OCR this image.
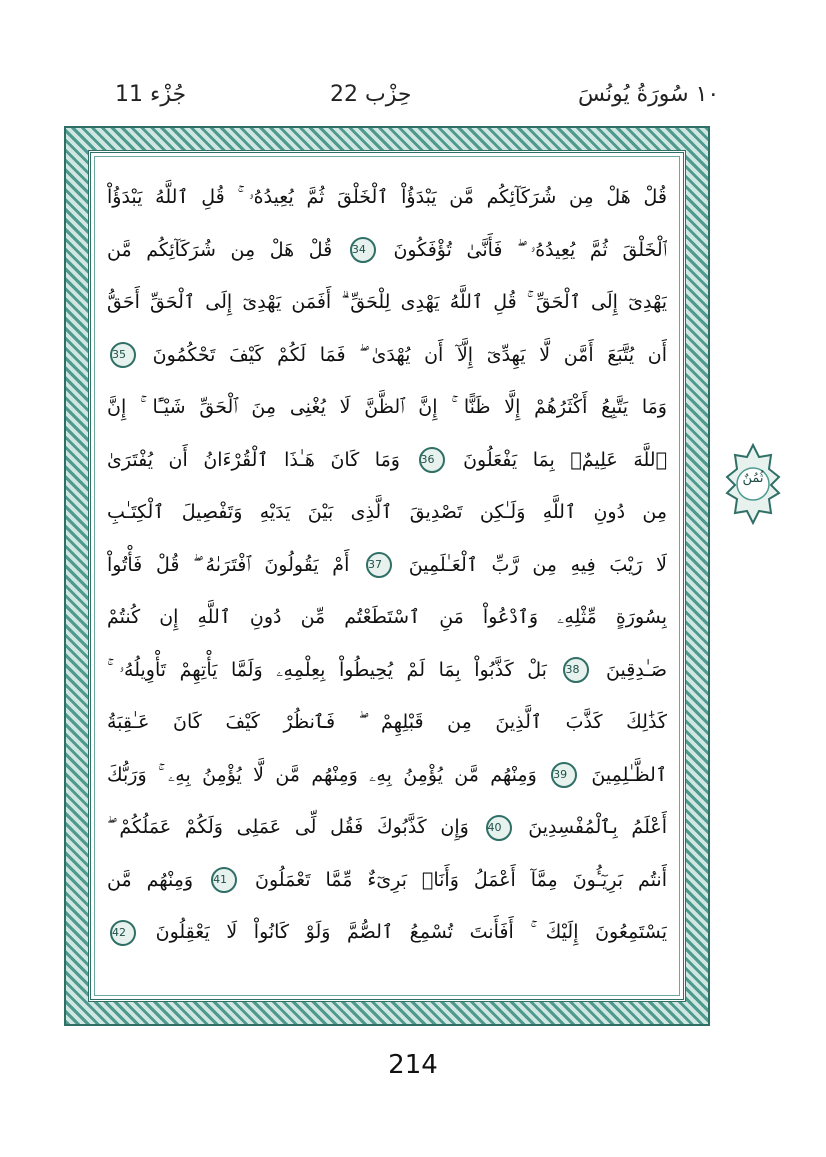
جُزْء 11	حِزْب 22	١٠ سُورَةُ يُونُسَ
قُلْ هَلْ مِن شُرَكَآئِكُم مَّن يَبْدَؤُاْ ٱلْخَلْقَ ثُمَّ يُعِيدُهُۥ ۚ قُلِ ٱللَّهُ يَبْدَؤُاْ
ٱلْخَلْقَ ثُمَّ يُعِيدُهُۥ ۖ فَأَنَّىٰ تُؤْفَكُونَ 34 قُلْ هَلْ مِن شُرَكَآئِكُم مَّن
يَهْدِىٓ إِلَى ٱلْحَقِّ ۚ قُلِ ٱللَّهُ يَهْدِى لِلْحَقِّ ۗ أَفَمَن يَهْدِىٓ إِلَى ٱلْحَقِّ أَحَقُّ
أَن يُتَّبَعَ أَمَّن لَّا يَهِدِّىٓ إِلَّآ أَن يُهْدَىٰ ۖ فَمَا لَكُمْ كَيْفَ تَحْكُمُونَ 35
وَمَا يَتَّبِعُ أَكْثَرُهُمْ إِلَّا ظَنًّا ۚ إِنَّ ٱلظَّنَّ لَا يُغْنِى مِنَ ٱلْحَقِّ شَيْـًٔا ۚ إِنَّ
ٱللَّهَ عَلِيمٌۢ بِمَا يَفْعَلُونَ 36 وَمَا كَانَ هَـٰذَا ٱلْقُرْءَانُ أَن يُفْتَرَىٰ
مِن دُونِ ٱللَّهِ وَلَـٰكِن تَصْدِيقَ ٱلَّذِى بَيْنَ يَدَيْهِ وَتَفْصِيلَ ٱلْكِتَـٰبِ
لَا رَيْبَ فِيهِ مِن رَّبِّ ٱلْعَـٰلَمِينَ 37 أَمْ يَقُولُونَ ٱفْتَرَىٰهُ ۖ قُلْ فَأْتُواْ
بِسُورَةٍ مِّثْلِهِۦ وَٱدْعُواْ مَنِ ٱسْتَطَعْتُم مِّن دُونِ ٱللَّهِ إِن كُنتُمْ
صَـٰدِقِينَ 38 بَلْ كَذَّبُواْ بِمَا لَمْ يُحِيطُواْ بِعِلْمِهِۦ وَلَمَّا يَأْتِهِمْ تَأْوِيلُهُۥ ۚ
كَذَٰلِكَ كَذَّبَ ٱلَّذِينَ مِن قَبْلِهِمْ ۖ فَٱنظُرْ كَيْفَ كَانَ عَـٰقِبَةُ
ٱلظَّـٰلِمِينَ 39 وَمِنْهُم مَّن يُؤْمِنُ بِهِۦ وَمِنْهُم مَّن لَّا يُؤْمِنُ بِهِۦ ۚ وَرَبُّكَ
أَعْلَمُ بِٱلْمُفْسِدِينَ 40 وَإِن كَذَّبُوكَ فَقُل لِّى عَمَلِى وَلَكُمْ عَمَلُكُمْ ۖ
أَنتُم بَرِيٓـُٔونَ مِمَّآ أَعْمَلُ وَأَنَا۠ بَرِىٓءٌ مِّمَّا تَعْمَلُونَ 41 وَمِنْهُم مَّن
يَسْتَمِعُونَ إِلَيْكَ ۚ أَفَأَنتَ تُسْمِعُ ٱلصُّمَّ وَلَوْ كَانُواْ لَا يَعْقِلُونَ 42
ثُمُنٌ
214
